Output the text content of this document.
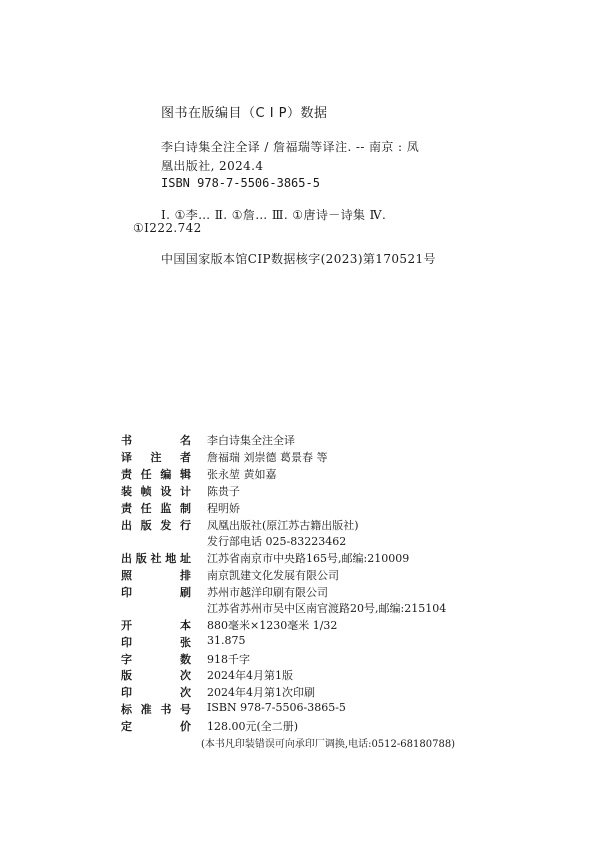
图书在版编目（C I P）数据
李白诗集全注全译 / 詹福瑞等译注. -- 南京 : 凤
凰出版社, 2024.4
ISBN 978-7-5506-3865-5
Ⅰ. ①李… Ⅱ. ①詹… Ⅲ. ①唐诗－诗集 Ⅳ.
①I222.742
中国国家版本馆CIP数据核字(2023)第170521号
书	名 李白诗集全注全译
译 注 者 詹福瑞 刘崇德 葛景春 等
责 任 编 辑 张永堃 黄如嘉
装 帧 设 计 陈贵子
责 任 监 制 程明娇
出 版 发 行 凤凰出版社(原江苏古籍出版社)
发行部电话 025-83223462
出 版 社 地 址 江苏省南京市中央路165号,邮编:210009
照	排 南京凯建文化发展有限公司
印	刷 苏州市越洋印刷有限公司
江苏省苏州市吴中区南官渡路20号,邮编:215104
开	本 880毫米×1230毫米 1/32
印	张 31.875
字	数 918千字
版	次 2024年4月第1版
印	次 2024年4月第1次印刷
标 准 书 号 ISBN 978-7-5506-3865-5
定	价 128.00元(全二册)
(本书凡印装错误可向承印厂调换,电话:0512-68180788)
